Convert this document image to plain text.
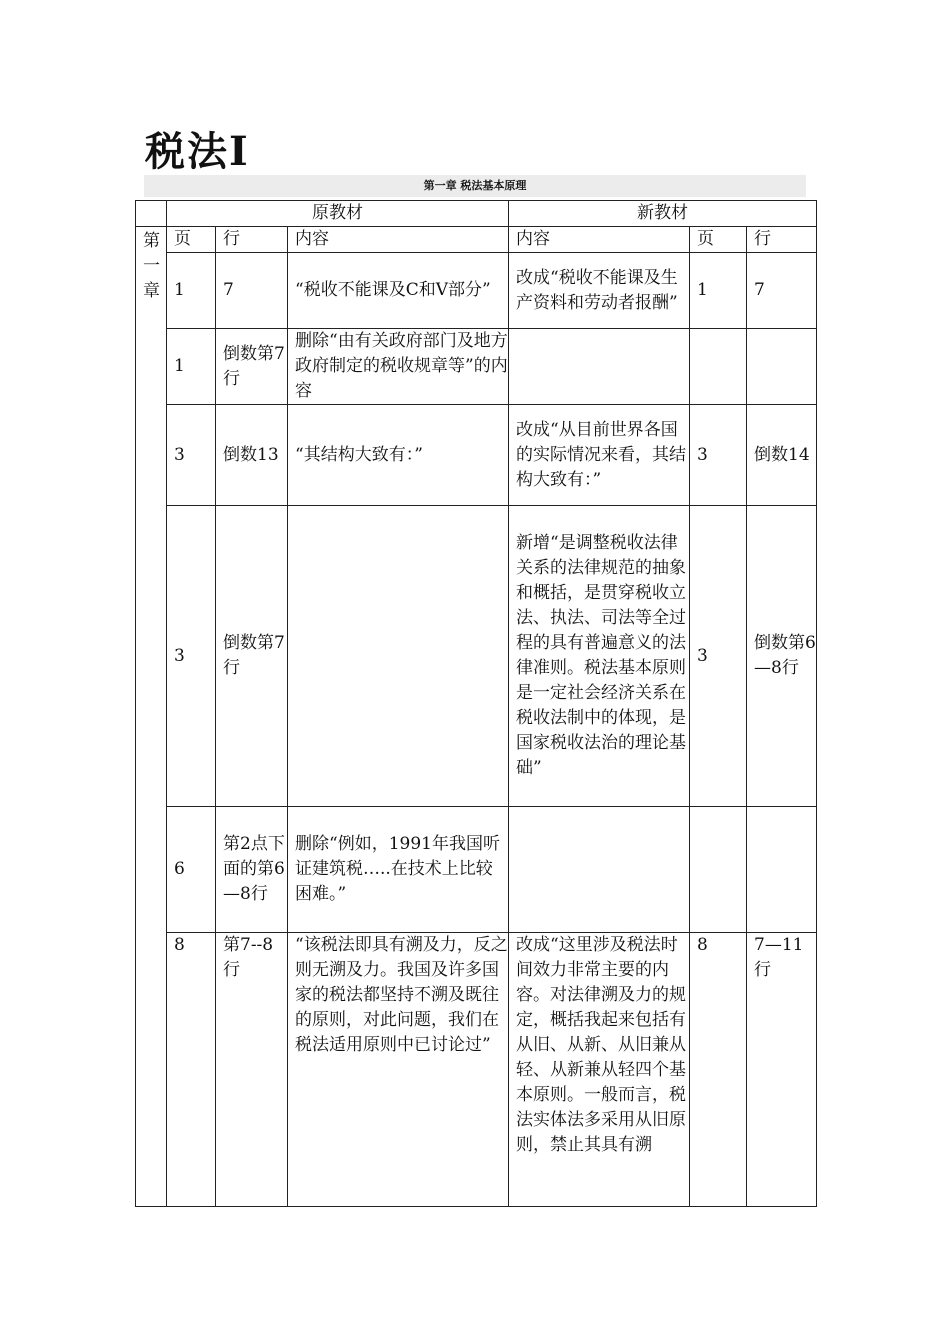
税法Ⅰ
第一章 税法基本原理
	原教材			新教材		

第
一
章	页	行	内容	内容	页	行
	1	7	“税收不能课及C和V部分”	改成“税收不能课及生产资料和劳动者报酬”	1	7
	1	倒数第7行	删除“由有关政府部门及地方政府制定的税收规章等”的内容			
	3	倒数13	“其结构大致有：”	改成“从目前世界各国的实际情况来看，其结构大致有：”	3	倒数14
	3	倒数第7行		新增“是调整税收法律关系的法律规范的抽象和概括，是贯穿税收立法、执法、司法等全过程的具有普遍意义的法律准则。税法基本原则是一定社会经济关系在税收法制中的体现，是国家税收法治的理论基础”	3	倒数第6—8行
	6	第2点下面的第6—8行	删除“例如，1991年我国听证建筑税…..在技术上比较困难。”			
	8	第7--8行	“该税法即具有溯及力，反之则无溯及力。我国及许多国家的税法都坚持不溯及既往的原则，对此问题，我们在税法适用原则中已讨论过”	改成“这里涉及税法时间效力非常主要的内容。对法律溯及力的规定，概括我起来包括有从旧、从新、从旧兼从轻、从新兼从轻四个基本原则。一般而言，税法实体法多采用从旧原则，禁止其具有溯	8	7—11行
